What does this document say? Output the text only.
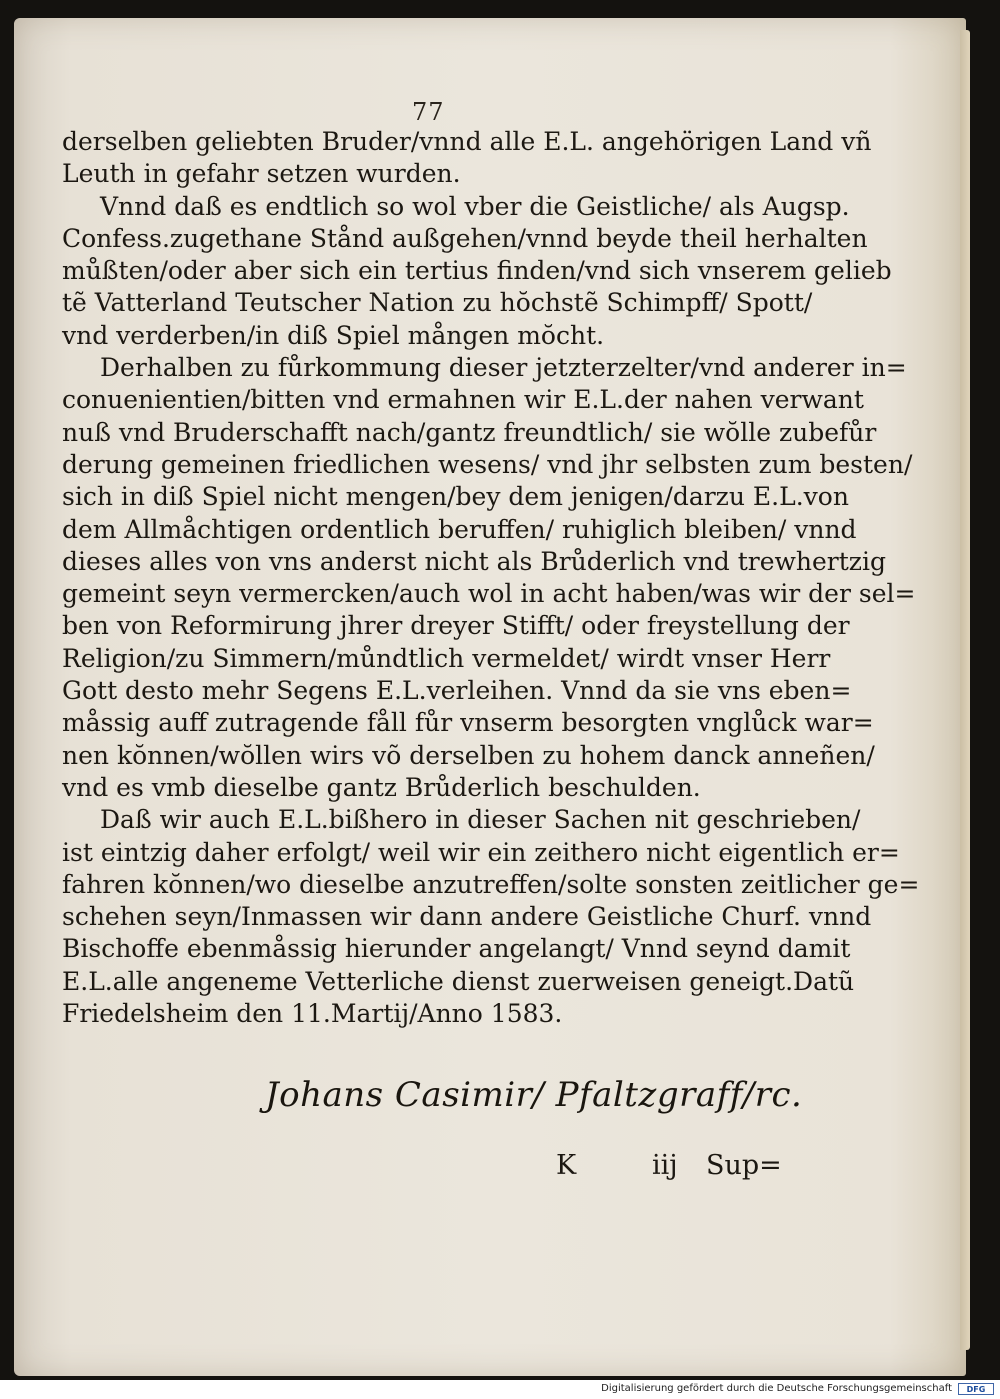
77
derselben geliebten Bruder/vnnd alle E.L. angehörigen Land vñ
Leuth in gefahr setzen wurden.
Vnnd daß es endtlich so wol vber die Geistliche/ als Augsp.
Confess.zugethane Stånd außgehen/vnnd beyde theil herhalten
můßten/oder aber sich ein tertius finden/vnd sich vnserem gelieb
tẽ Vatterland Teutscher Nation zu hŏchstẽ Schimpff/ Spott/
vnd verderben/in diß Spiel mången mŏcht.
Derhalben zu fůrkommung dieser jetzterzelter/vnd anderer in=
conuenientien/bitten vnd ermahnen wir E.L.der nahen verwant
nuß vnd Bruderschafft nach/gantz freundtlich/ sie wŏlle zubefůr
derung gemeinen friedlichen wesens/ vnd jhr selbsten zum besten/
sich in diß Spiel nicht mengen/bey dem jenigen/darzu E.L.von
dem Allmåchtigen ordentlich beruffen/ ruhiglich bleiben/ vnnd
dieses alles von vns anderst nicht als Brůderlich vnd trewhertzig
gemeint seyn vermercken/auch wol in acht haben/was wir der sel=
ben von Reformirung jhrer dreyer Stifft/ oder freystellung der
Religion/zu Simmern/můndtlich vermeldet/ wirdt vnser Herr
Gott desto mehr Segens E.L.verleihen. Vnnd da sie vns eben=
måssig auff zutragende fåll fůr vnserm besorgten vnglůck war=
nen kŏnnen/wŏllen wirs võ derselben zu hohem danck anneñen/
vnd es vmb dieselbe gantz Brůderlich beschulden.
Daß wir auch E.L.bißhero in dieser Sachen nit geschrieben/
ist eintzig daher erfolgt/ weil wir ein zeithero nicht eigentlich er=
fahren kŏnnen/wo dieselbe anzutreffen/solte sonsten zeitlicher ge=
schehen seyn/Inmassen wir dann andere Geistliche Churf. vnnd
Bischoffe ebenmåssig hierunder angelangt/ Vnnd seynd damit
E.L.alle angeneme Vetterliche dienst zuerweisen geneigt.Datũ
Friedelsheim den 11.Martij/Anno 1583.
Johans Casimir/ Pfaltzgraff/rc.
K	iij Sup=
Digitalisierung gefördert durch die Deutsche Forschungsgemeinschaft	DFG
